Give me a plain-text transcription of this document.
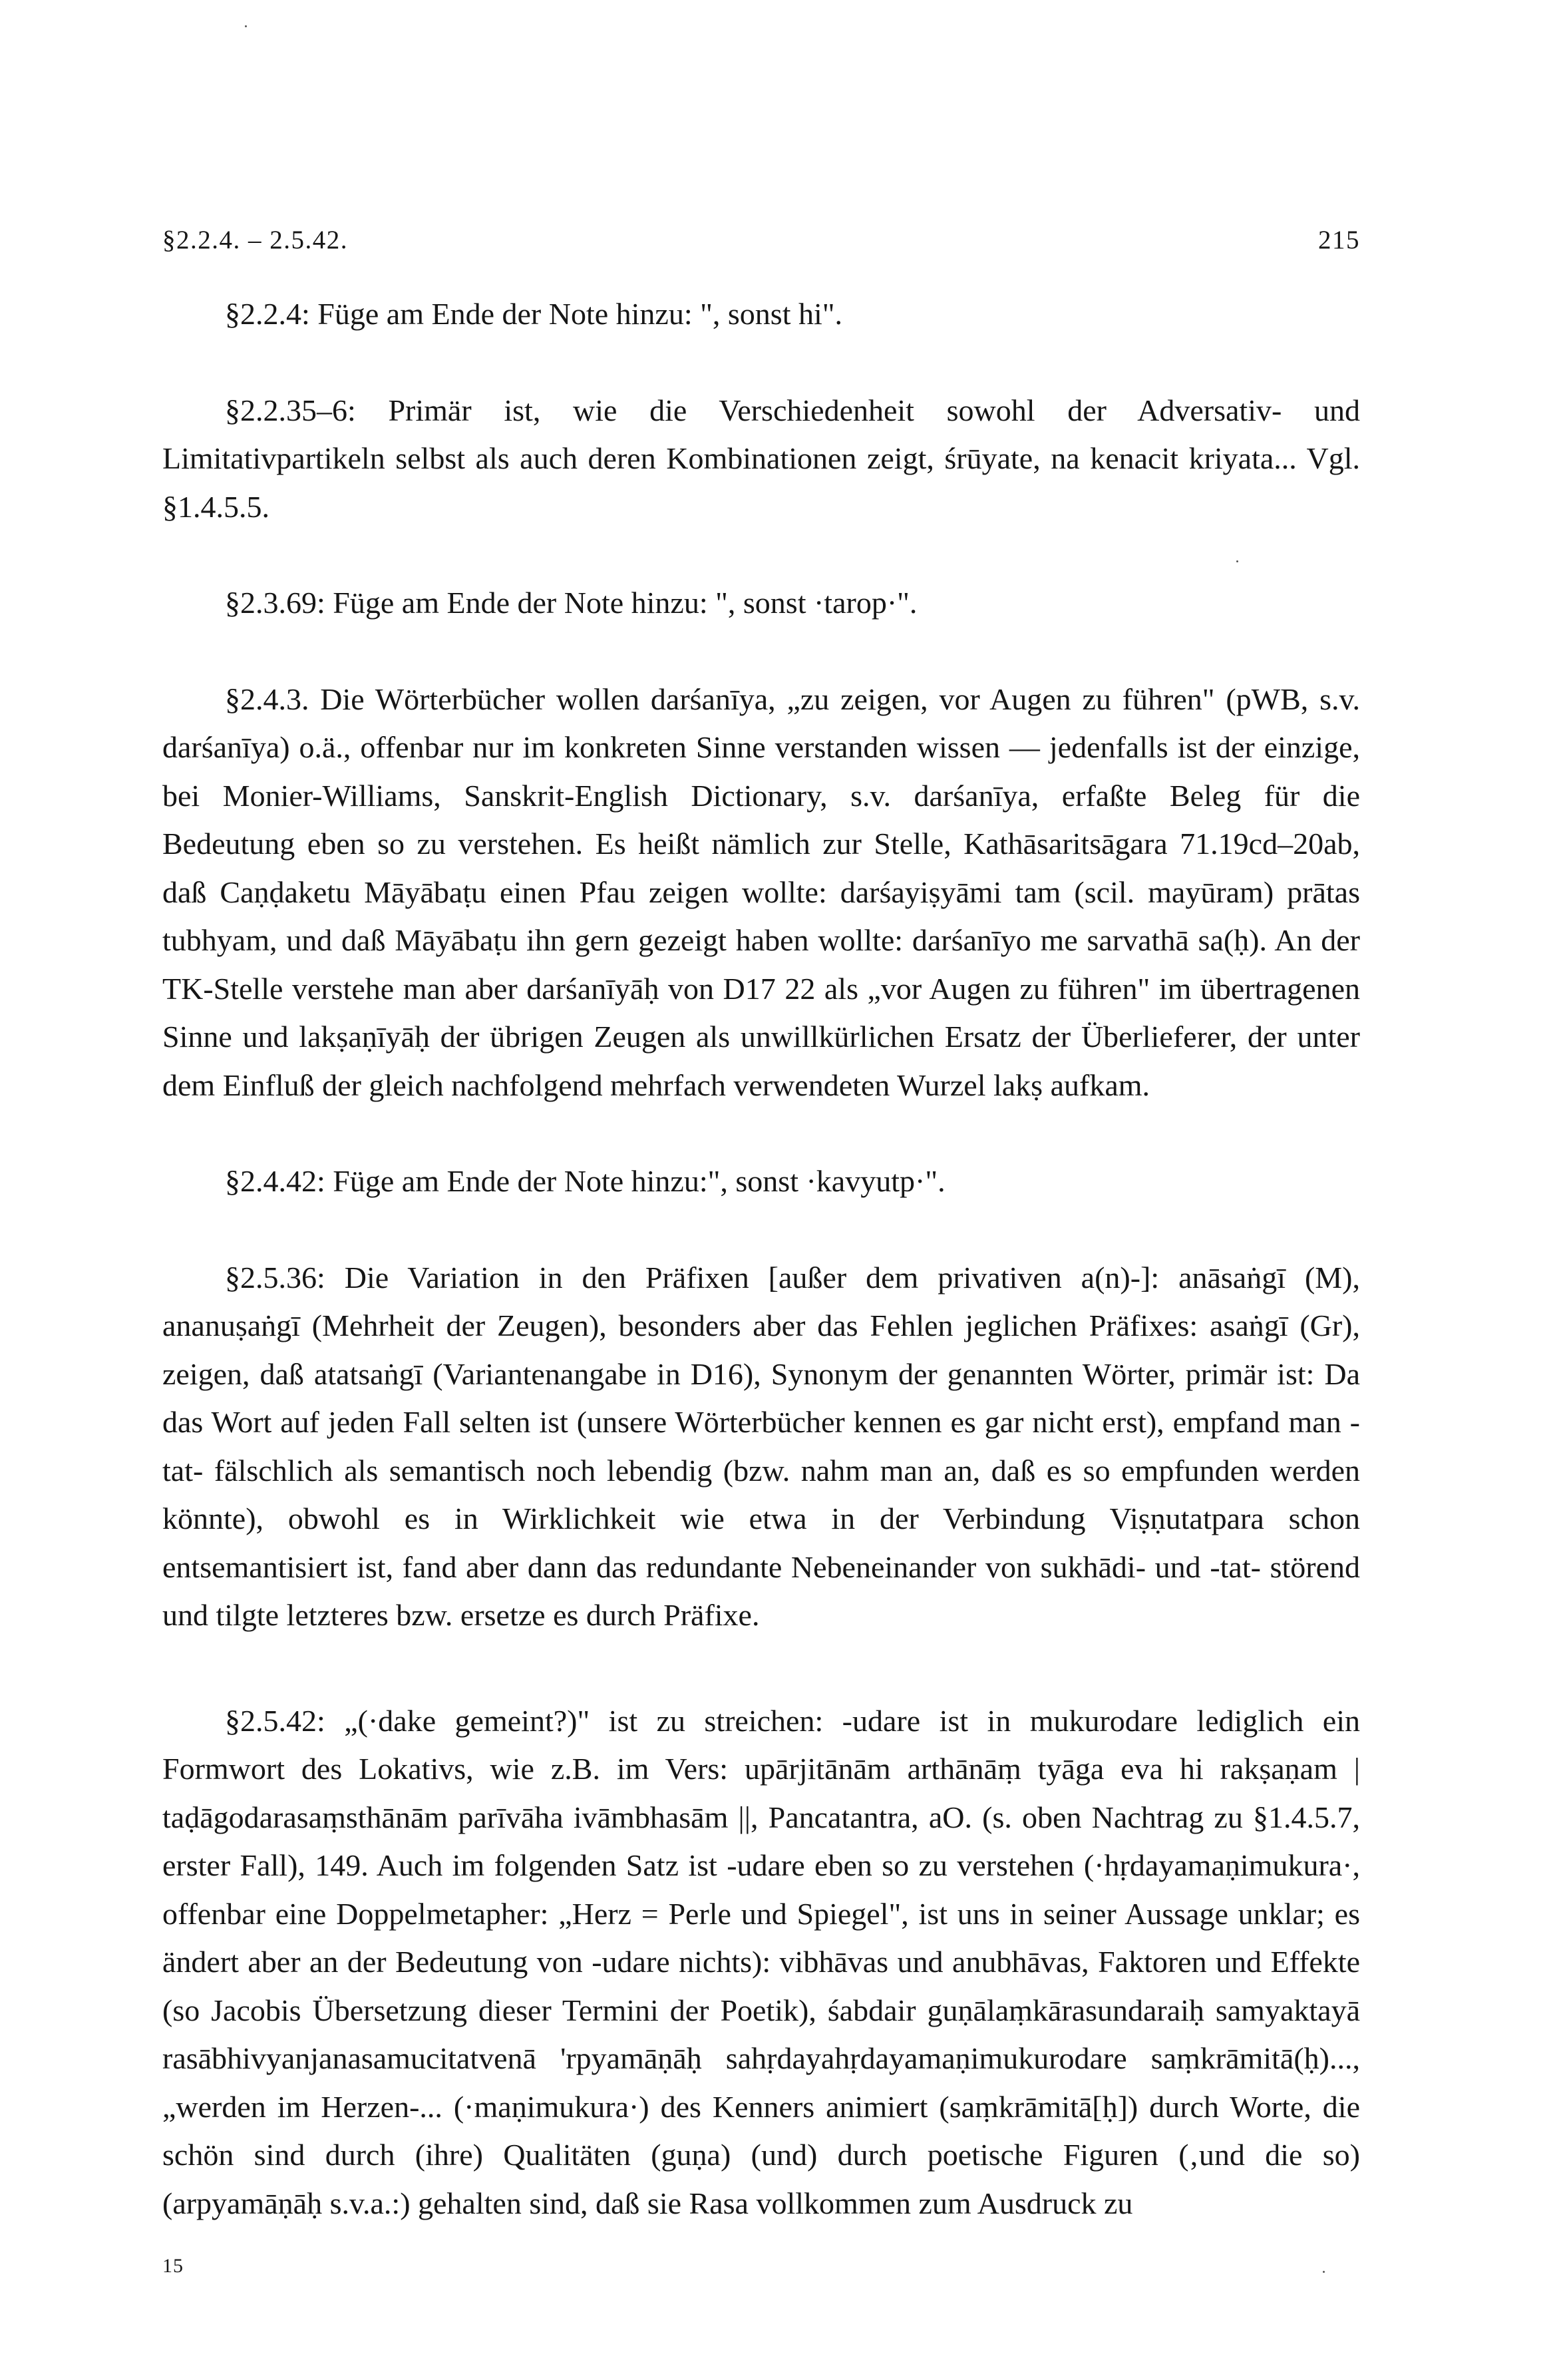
§2.2.4. – 2.5.42.	215

§2.2.4: Füge am Ende der Note hinzu: ", sonst hi".

§2.2.35–6: Primär ist, wie die Verschiedenheit sowohl der Adversativ- und Limitativpartikeln selbst als auch deren Kombinationen zeigt, śrūyate, na kenacit kriyata... Vgl. §1.4.5.5.

§2.3.69: Füge am Ende der Note hinzu: ", sonst ·tarop·".

§2.4.3. Die Wörterbücher wollen darśanīya, „zu zeigen, vor Augen zu führen" (pWB, s.v. darśanīya) o.ä., offenbar nur im konkreten Sinne verstanden wissen — jedenfalls ist der einzige, bei Monier-Williams, Sanskrit-English Dictionary, s.v. darśanīya, erfaßte Beleg für die Bedeutung eben so zu verstehen. Es heißt nämlich zur Stelle, Kathāsaritsāgara 71.19cd–20ab, daß Caṇḍaketu Māyābaṭu einen Pfau zeigen wollte: darśayiṣyāmi tam (scil. mayūram) prātas tubhyam, und daß Māyābaṭu ihn gern gezeigt haben wollte: darśanīyo me sarvathā sa(ḥ). An der TK-Stelle verstehe man aber darśanīyāḥ von D17 22 als „vor Augen zu führen" im übertragenen Sinne und lakṣaṇīyāḥ der übrigen Zeugen als unwillkürlichen Ersatz der Überlieferer, der unter dem Einfluß der gleich nachfolgend mehrfach verwendeten Wurzel lakṣ aufkam.

§2.4.42: Füge am Ende der Note hinzu:", sonst ·kavyutp·".

§2.5.36: Die Variation in den Präfixen [außer dem privativen a(n)-]: anāsaṅgī (M), ananuṣaṅgī (Mehrheit der Zeugen), besonders aber das Fehlen jeglichen Präfixes: asaṅgī (Gr), zeigen, daß atatsaṅgī (Variantenangabe in D16), Synonym der genannten Wörter, primär ist: Da das Wort auf jeden Fall selten ist (unsere Wörterbücher kennen es gar nicht erst), empfand man -tat- fälschlich als semantisch noch lebendig (bzw. nahm man an, daß es so empfunden werden könnte), obwohl es in Wirklichkeit wie etwa in der Verbindung Viṣṇutatpara schon entsemantisiert ist, fand aber dann das redundante Nebeneinander von sukhādi- und -tat- störend und tilgte letzteres bzw. ersetze es durch Präfixe.

§2.5.42: „(·dake gemeint?)" ist zu streichen: -udare ist in mukurodare lediglich ein Formwort des Lokativs, wie z.B. im Vers: upārjitānām arthānāṃ tyāga eva hi rakṣaṇam | taḍāgodarasaṃsthānām parīvāha ivāmbhasām ||, Pancatantra, aO. (s. oben Nachtrag zu §1.4.5.7, erster Fall), 149. Auch im folgenden Satz ist -udare eben so zu verstehen (·hṛdayamaṇimukura·, offenbar eine Doppelmetapher: „Herz = Perle und Spiegel", ist uns in seiner Aussage unklar; es ändert aber an der Bedeutung von -udare nichts): vibhāvas und anubhāvas, Faktoren und Effekte (so Jacobis Übersetzung dieser Termini der Poetik), śabdair guṇālaṃkārasundaraiḥ samyaktayā rasābhivyanjanasamucitatvenā 'rpyamāṇāḥ sahṛdayahṛdayamaṇimukurodare saṃkrāmitā(ḥ)..., „werden im Herzen-... (·maṇimukura·) des Kenners animiert (saṃkrāmitā[ḥ]) durch Worte, die schön sind durch (ihre) Qualitäten (guṇa) (und) durch poetische Figuren (‚und die so) (arpyamāṇāḥ s.v.a.:) gehalten sind, daß sie Rasa vollkommen zum Ausdruck zu

15
